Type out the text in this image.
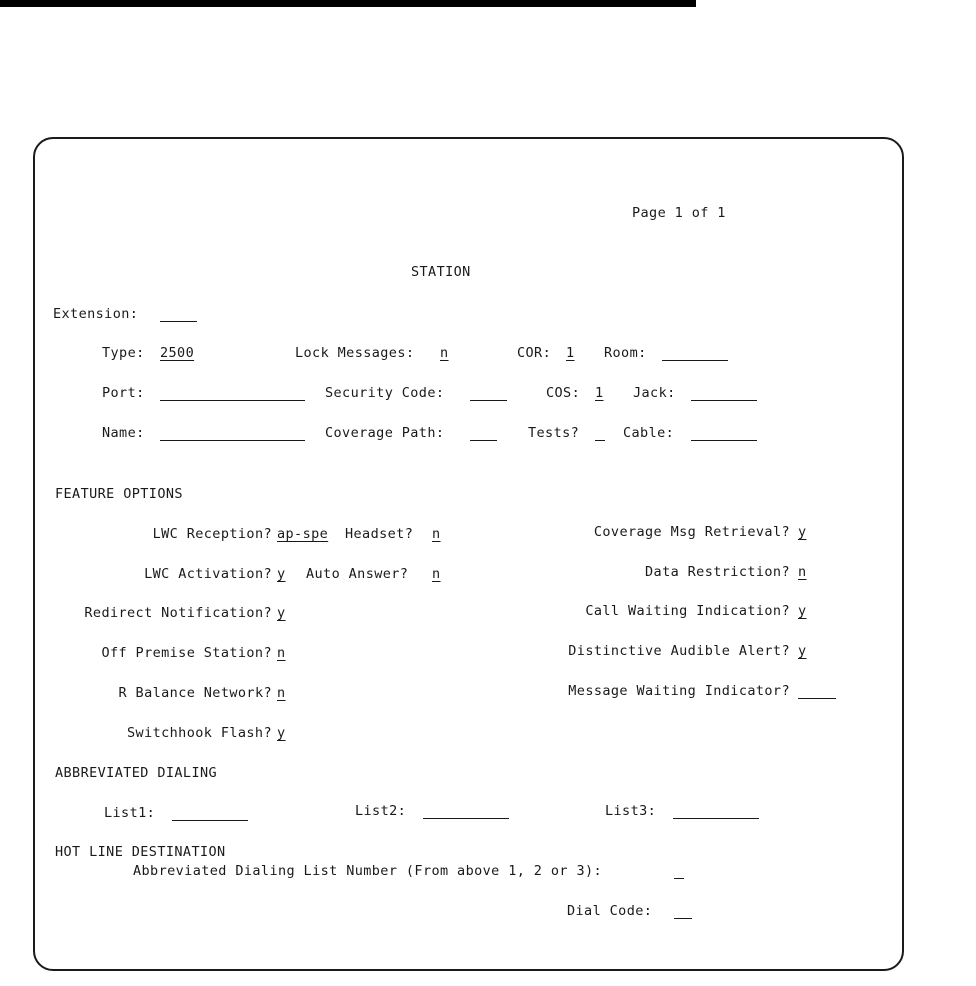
Page 1 of 1
STATION
Extension:
Type: 2500	Lock Messages: n	COR: 1 Room:
Port:	Security Code:	COS: 1 Jack:
Name:	Coverage Path:	Tests?	Cable:
FEATURE OPTIONS
LWC Reception? ap-spe Headset? n
LWC Activation? y Auto Answer? n
Redirect Notification? y
Off Premise Station? n
R Balance Network? n
Switchhook Flash? y
Coverage Msg Retrieval? y
Data Restriction? n
Call Waiting Indication? y
Distinctive Audible Alert? y
Message Waiting Indicator?
ABBREVIATED DIALING
List1:	List2:	List3:
HOT LINE DESTINATION
Abbreviated Dialing List Number (From above 1, 2 or 3):
Dial Code:
